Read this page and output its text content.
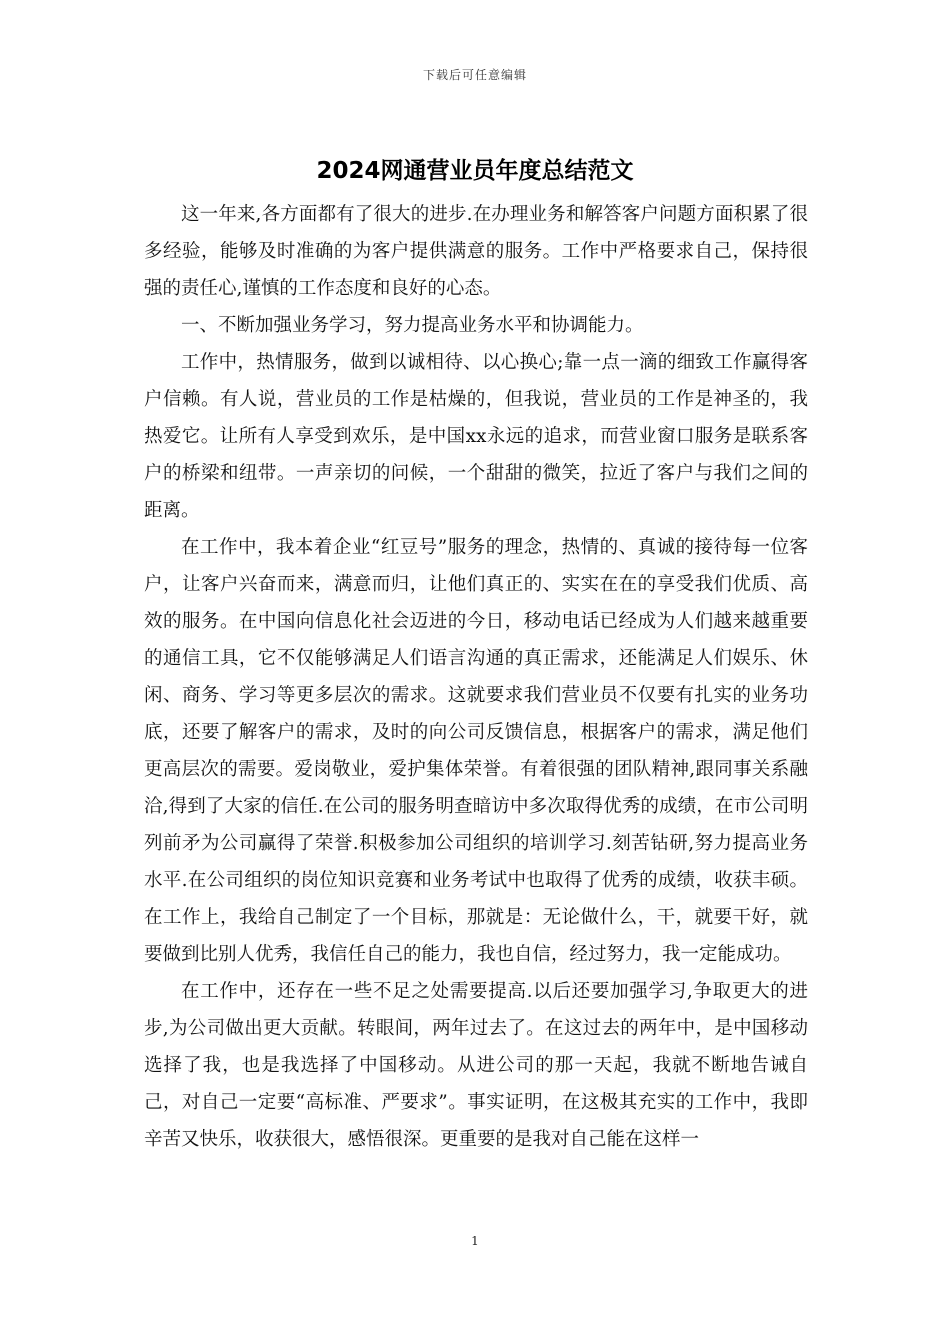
下载后可任意编辑
2024网通营业员年度总结范文

这一年来,各方面都有了很大的进步.在办理业务和解答客户问题方面积累了很多经验，能够及时准确的为客户提供满意的服务。工作中严格要求自己，保持很强的责任心,谨慎的工作态度和良好的心态。

一、不断加强业务学习，努力提高业务水平和协调能力。

工作中，热情服务，做到以诚相待、以心换心;靠一点一滴的细致工作赢得客户信赖。有人说，营业员的工作是枯燥的，但我说，营业员的工作是神圣的，我热爱它。让所有人享受到欢乐，是中国xx永远的追求，而营业窗口服务是联系客户的桥梁和纽带。一声亲切的问候，一个甜甜的微笑，拉近了客户与我们之间的距离。

在工作中，我本着企业“红豆号”服务的理念，热情的、真诚的接待每一位客户，让客户兴奋而来，满意而归，让他们真正的、实实在在的享受我们优质、高效的服务。在中国向信息化社会迈进的今日，移动电话已经成为人们越来越重要的通信工具，它不仅能够满足人们语言沟通的真正需求，还能满足人们娱乐、休闲、商务、学习等更多层次的需求。这就要求我们营业员不仅要有扎实的业务功底，还要了解客户的需求，及时的向公司反馈信息，根据客户的需求，满足他们更高层次的需要。爱岗敬业，爱护集体荣誉。有着很强的团队精神,跟同事关系融洽,得到了大家的信任.在公司的服务明查暗访中多次取得优秀的成绩，在市公司明列前矛为公司赢得了荣誉.积极参加公司组织的培训学习.刻苦钻研,努力提高业务水平.在公司组织的岗位知识竞赛和业务考试中也取得了优秀的成绩，收获丰硕。在工作上，我给自己制定了一个目标，那就是：无论做什么，干，就要干好，就要做到比别人优秀，我信任自己的能力，我也自信，经过努力，我一定能成功。

在工作中，还存在一些不足之处需要提高.以后还要加强学习,争取更大的进步,为公司做出更大贡献。转眼间，两年过去了。在这过去的两年中，是中国移动选择了我，也是我选择了中国移动。从进公司的那一天起，我就不断地告诫自己，对自己一定要“高标准、严要求”。事实证明，在这极其充实的工作中，我即辛苦又快乐，收获很大，感悟很深。更重要的是我对自己能在这样一

1
